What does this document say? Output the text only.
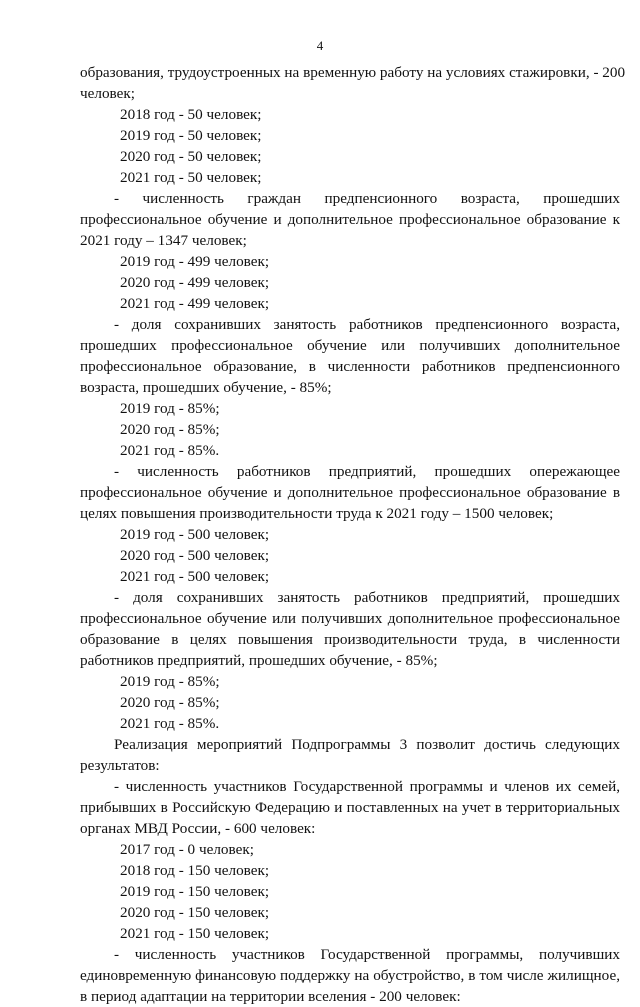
4
образования, трудоустроенных на временную работу на условиях стажировки, - 200
человек;
2018 год - 50 человек;
2019 год - 50 человек;
2020 год - 50 человек;
2021 год - 50 человек;
- численность граждан предпенсионного возраста, прошедших
профессиональное обучение и дополнительное профессиональное образование к
2021 году – 1347 человек;
2019 год - 499 человек;
2020 год - 499 человек;
2021 год - 499 человек;
- доля сохранивших занятость работников предпенсионного возраста,
прошедших профессиональное обучение или получивших дополнительное
профессиональное образование, в численности работников предпенсионного
возраста, прошедших обучение, - 85%;
2019 год - 85%;
2020 год - 85%;
2021 год - 85%.
- численность работников предприятий, прошедших опережающее
профессиональное обучение и дополнительное профессиональное образование в
целях повышения производительности труда к 2021 году – 1500 человек;
2019 год - 500 человек;
2020 год - 500 человек;
2021 год - 500 человек;
- доля сохранивших занятость работников предприятий, прошедших
профессиональное обучение или получивших дополнительное профессиональное
образование в целях повышения производительности труда, в численности
работников предприятий, прошедших обучение, - 85%;
2019 год - 85%;
2020 год - 85%;
2021 год - 85%.
Реализация мероприятий Подпрограммы 3 позволит достичь следующих
результатов:
- численность участников Государственной программы и членов их семей,
прибывших в Российскую Федерацию и поставленных на учет в территориальных
органах МВД России, - 600 человек:
2017 год - 0 человек;
2018 год - 150 человек;
2019 год - 150 человек;
2020 год - 150 человек;
2021 год - 150 человек;
- численность участников Государственной программы, получивших
единовременную финансовую поддержку на обустройство, в том числе жилищное,
в период адаптации на территории вселения - 200 человек:
